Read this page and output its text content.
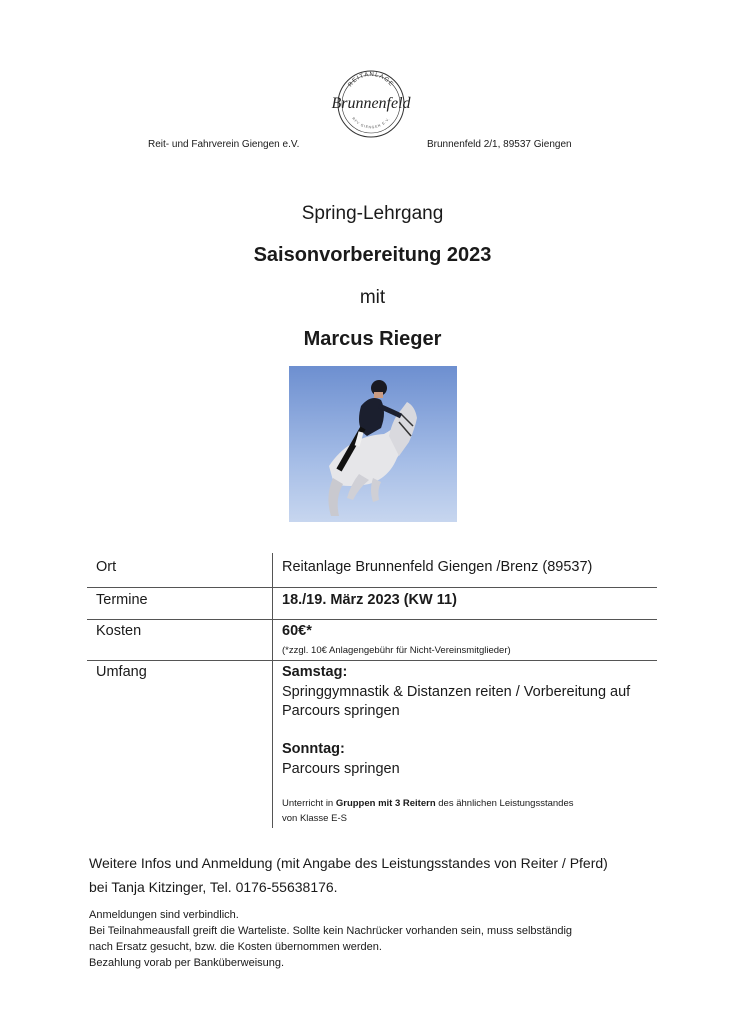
REITANLAGE
Brunnenfeld
RFV GIENGEN E.V.
Reit- und Fahrverein Giengen e.V.	Brunnenfeld 2/1, 89537 Giengen
Spring-Lehrgang
Saisonvorbereitung 2023
mit
Marcus Rieger
Ort	Reitanlage Brunnenfeld Giengen /Brenz (89537)
Termine	18./19. März 2023 (KW 11)
Kosten	60€*
(*zzgl. 10€ Anlagengebühr für Nicht-Vereinsmitglieder)
Umfang	Samstag:
Springgymnastik & Distanzen reiten / Vorbereitung auf
Parcours springen
Sonntag:
Parcours springen
Unterricht in Gruppen mit 3 Reitern des ähnlichen Leistungsstandes
von Klasse E-S
Weitere Infos und Anmeldung (mit Angabe des Leistungsstandes von Reiter / Pferd)
bei Tanja Kitzinger, Tel. 0176-55638176.
Anmeldungen sind verbindlich.
Bei Teilnahmeausfall greift die Warteliste. Sollte kein Nachrücker vorhanden sein, muss selbständig
nach Ersatz gesucht, bzw. die Kosten übernommen werden.
Bezahlung vorab per Banküberweisung.
